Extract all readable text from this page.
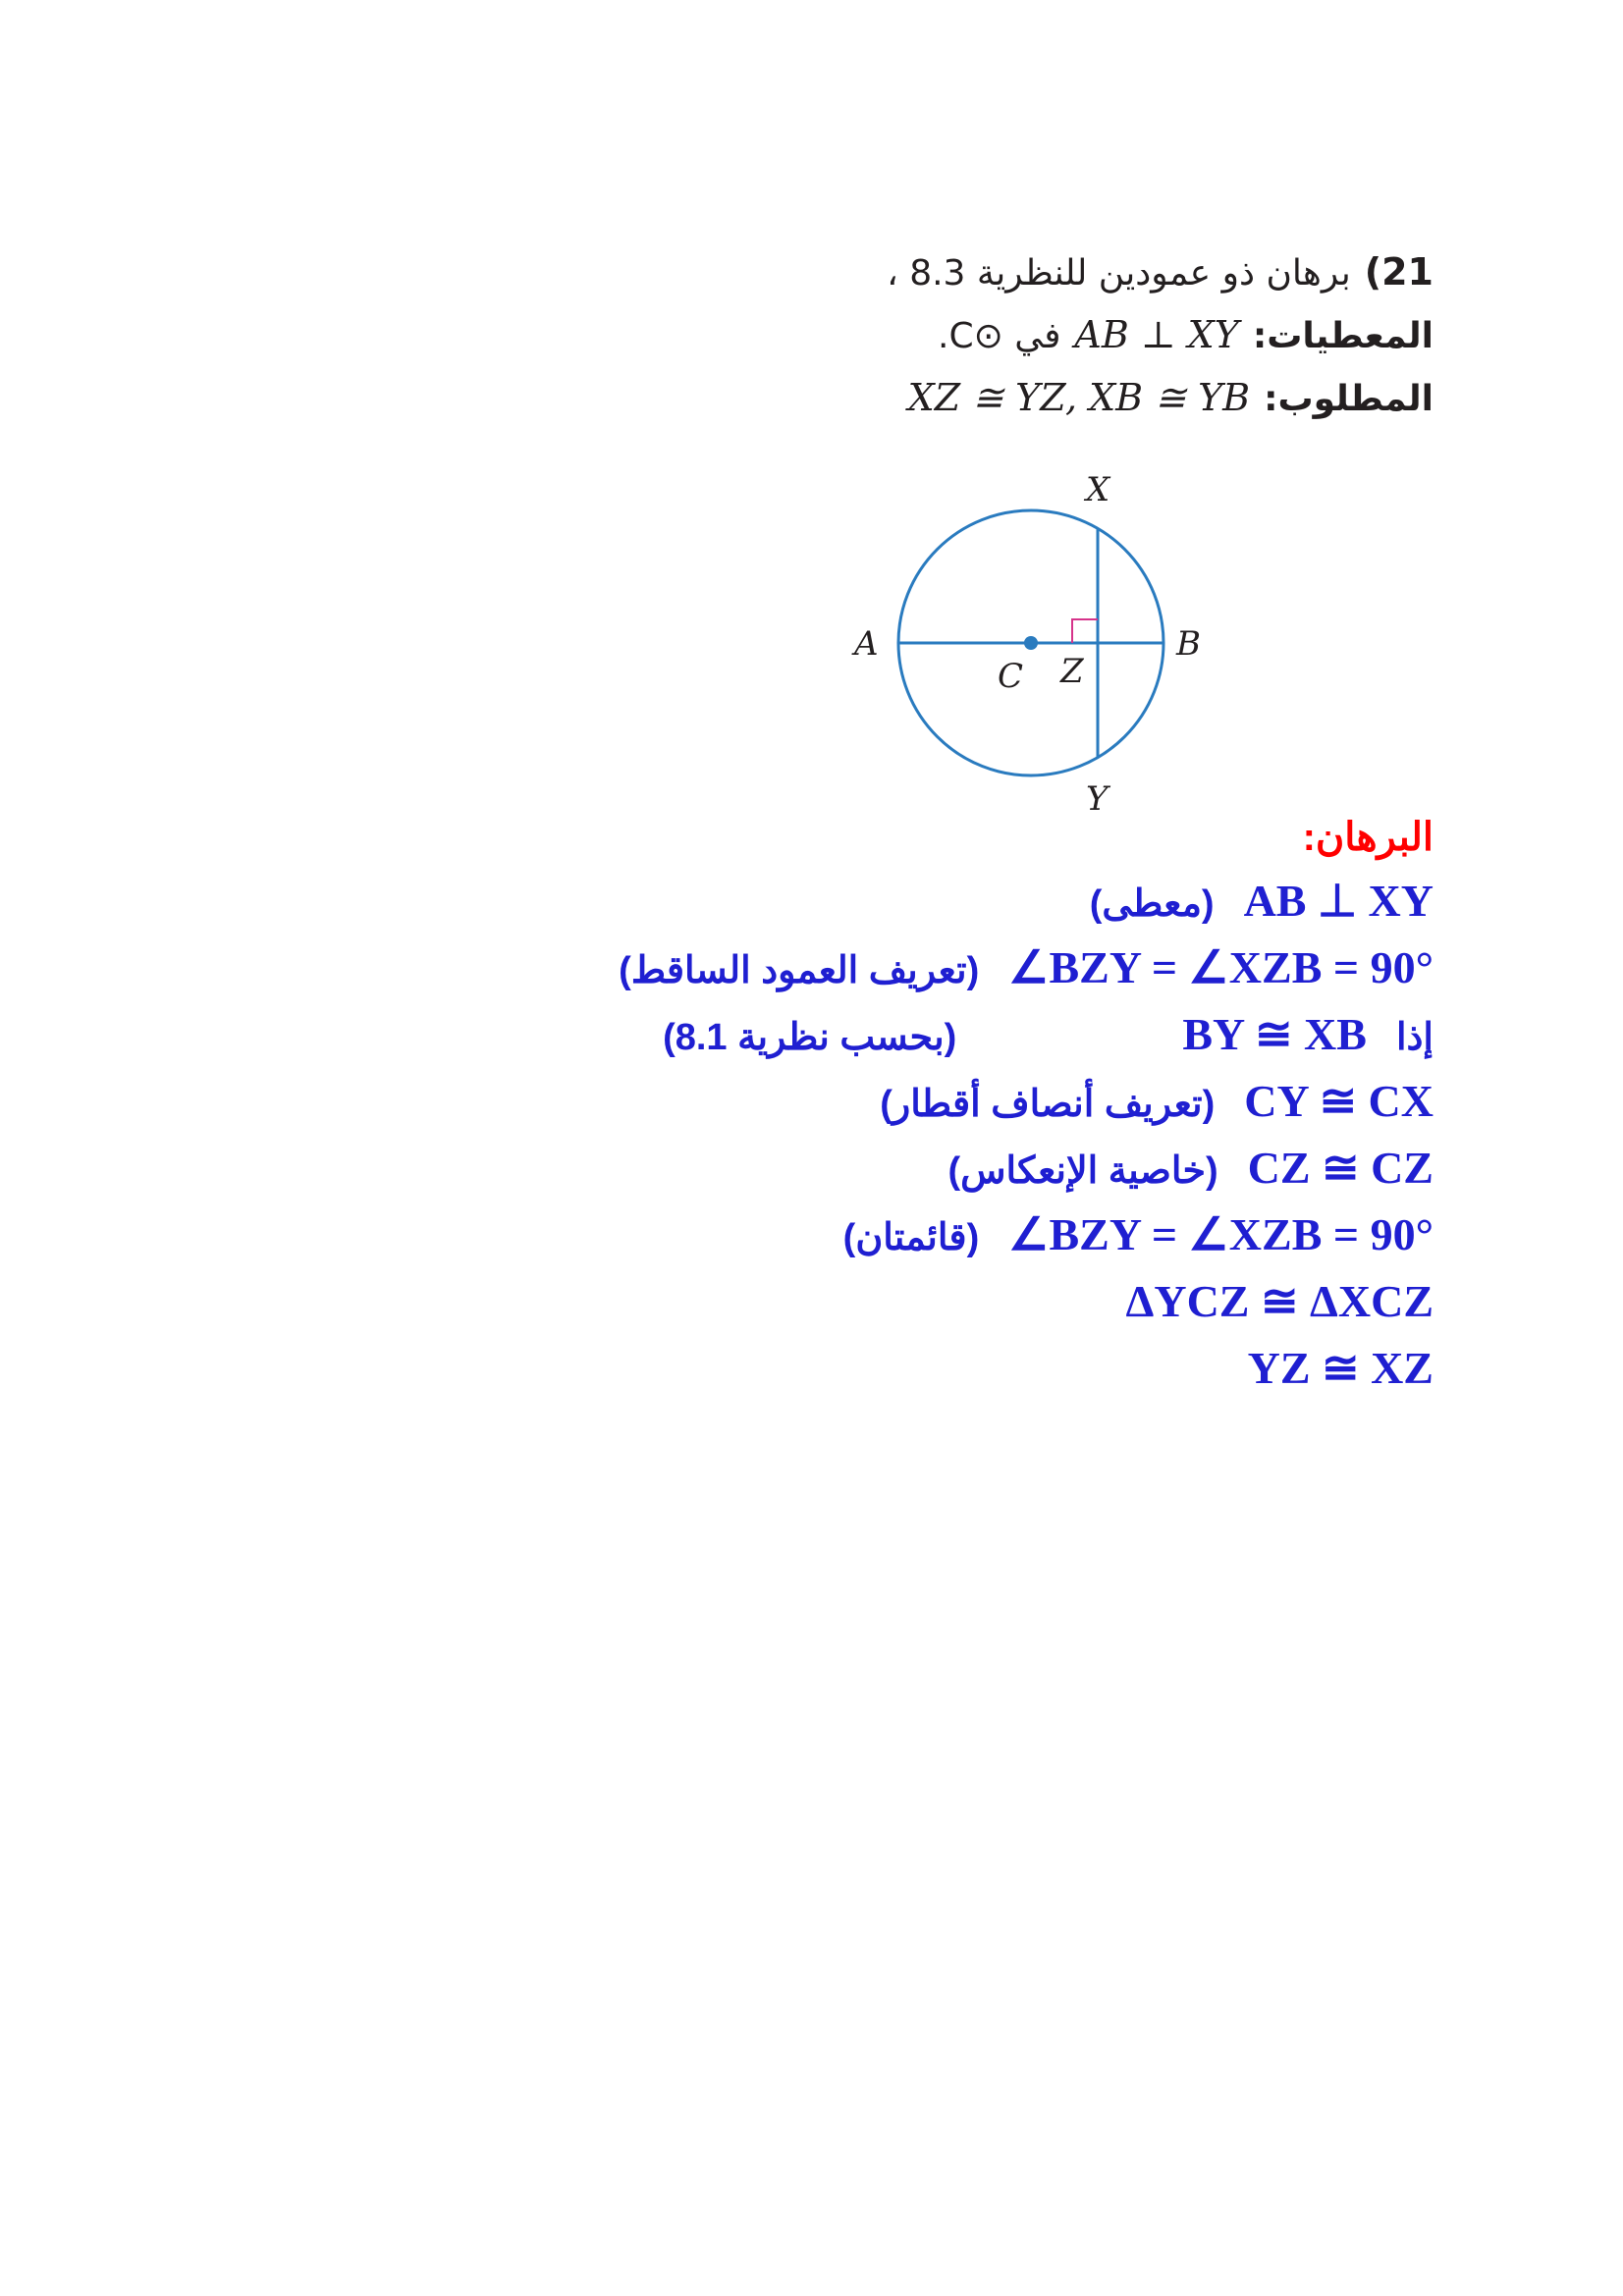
21)
برهان ذو عمودين للنظرية 8.3 ،
المعطيات:
AB ⊥ XY
في ⊙C.
المطلوب:
XZ ≅ YZ, XB ≅ YB
X
Y
A	B
C Z
البرهان:
AB ⊥ XY
(معطى)
∠BZY = ∠XZB = 90°
(تعريف العمود الساقط)
إذا
BY ≅ XB
(بحسب نظرية 8.1)
CY ≅ CX
(تعريف أنصاف أقطار)
CZ ≅ CZ
(خاصية الإنعكاس)
∠BZY = ∠XZB = 90°
(قائمتان)
ΔYCZ ≅ ΔXCZ
YZ ≅ XZ
